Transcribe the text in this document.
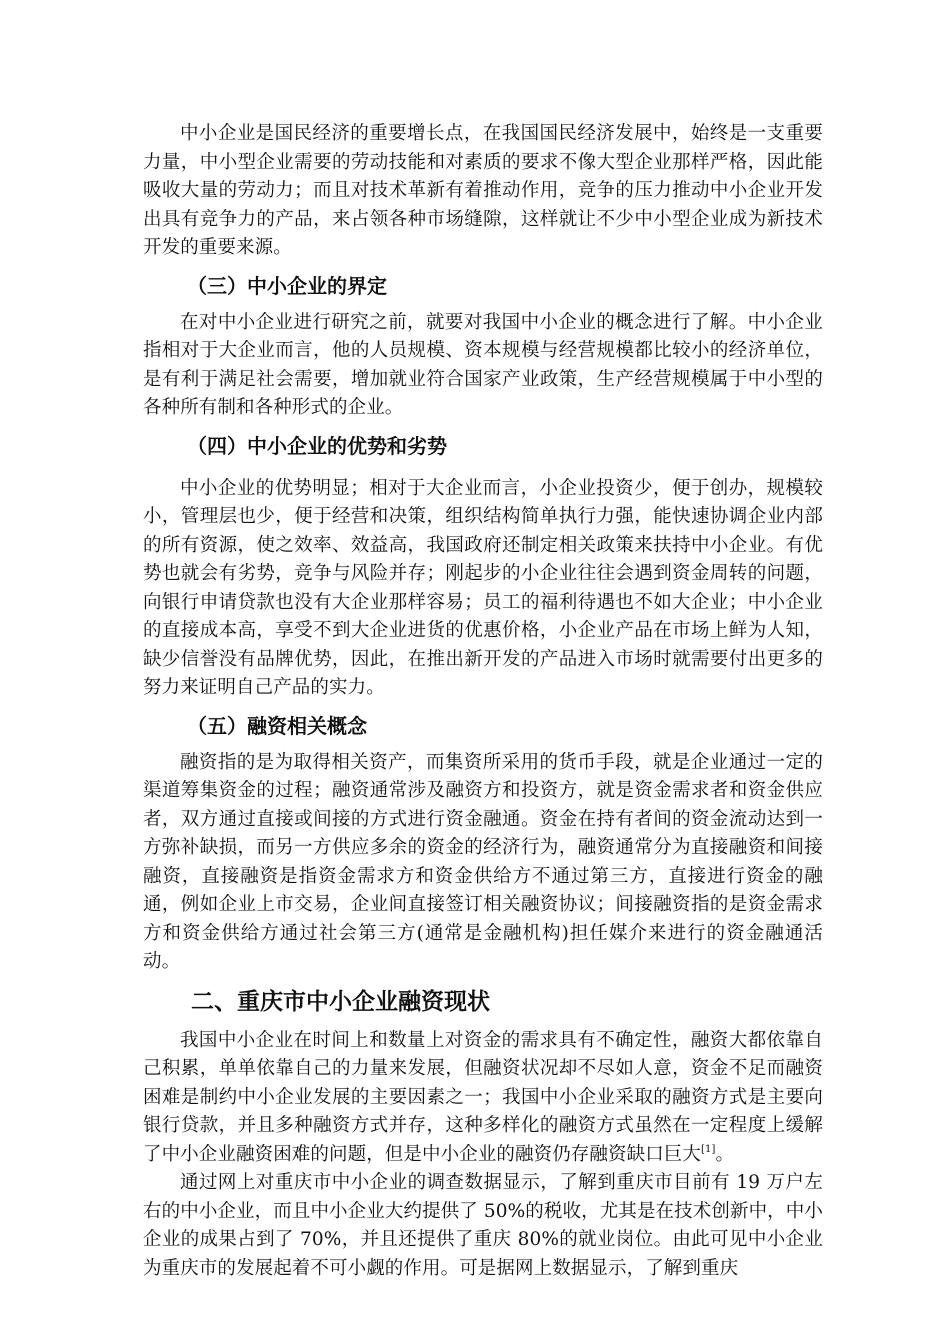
中小企业是国民经济的重要增长点，在我国国民经济发展中，始终是一支重要力量，中小型企业需要的劳动技能和对素质的要求不像大型企业那样严格，因此能吸收大量的劳动力；而且对技术革新有着推动作用，竞争的压力推动中小企业开发出具有竞争力的产品，来占领各种市场缝隙，这样就让不少中小型企业成为新技术开发的重要来源。

（三）中小企业的界定

在对中小企业进行研究之前，就要对我国中小企业的概念进行了解。中小企业指相对于大企业而言，他的人员规模、资本规模与经营规模都比较小的经济单位，是有利于满足社会需要，增加就业符合国家产业政策，生产经营规模属于中小型的各种所有制和各种形式的企业。

（四）中小企业的优势和劣势

中小企业的优势明显；相对于大企业而言，小企业投资少，便于创办，规模较小，管理层也少，便于经营和决策，组织结构简单执行力强，能快速协调企业内部的所有资源，使之效率、效益高，我国政府还制定相关政策来扶持中小企业。有优势也就会有劣势，竞争与风险并存；刚起步的小企业往往会遇到资金周转的问题，向银行申请贷款也没有大企业那样容易；员工的福利待遇也不如大企业；中小企业的直接成本高，享受不到大企业进货的优惠价格，小企业产品在市场上鲜为人知，缺少信誉没有品牌优势，因此，在推出新开发的产品进入市场时就需要付出更多的努力来证明自己产品的实力。

（五）融资相关概念

融资指的是为取得相关资产，而集资所采用的货币手段，就是企业通过一定的渠道筹集资金的过程；融资通常涉及融资方和投资方，就是资金需求者和资金供应者，双方通过直接或间接的方式进行资金融通。资金在持有者间的资金流动达到一方弥补缺损，而另一方供应多余的资金的经济行为，融资通常分为直接融资和间接融资，直接融资是指资金需求方和资金供给方不通过第三方，直接进行资金的融通，例如企业上市交易，企业间直接签订相关融资协议；间接融资指的是资金需求方和资金供给方通过社会第三方(通常是金融机构)担任媒介来进行的资金融通活动。

二、重庆市中小企业融资现状

我国中小企业在时间上和数量上对资金的需求具有不确定性，融资大都依靠自己积累，单单依靠自己的力量来发展，但融资状况却不尽如人意，资金不足而融资困难是制约中小企业发展的主要因素之一；我国中小企业采取的融资方式是主要向银行贷款，并且多种融资方式并存，这种多样化的融资方式虽然在一定程度上缓解了中小企业融资困难的问题，但是中小企业的融资仍存融资缺口巨大[1]。

通过网上对重庆市中小企业的调查数据显示，了解到重庆市目前有 19 万户左右的中小企业，而且中小企业大约提供了 50%的税收，尤其是在技术创新中，中小企业的成果占到了 70%，并且还提供了重庆 80%的就业岗位。由此可见中小企业为重庆市的发展起着不可小觑的作用。可是据网上数据显示，了解到重庆
